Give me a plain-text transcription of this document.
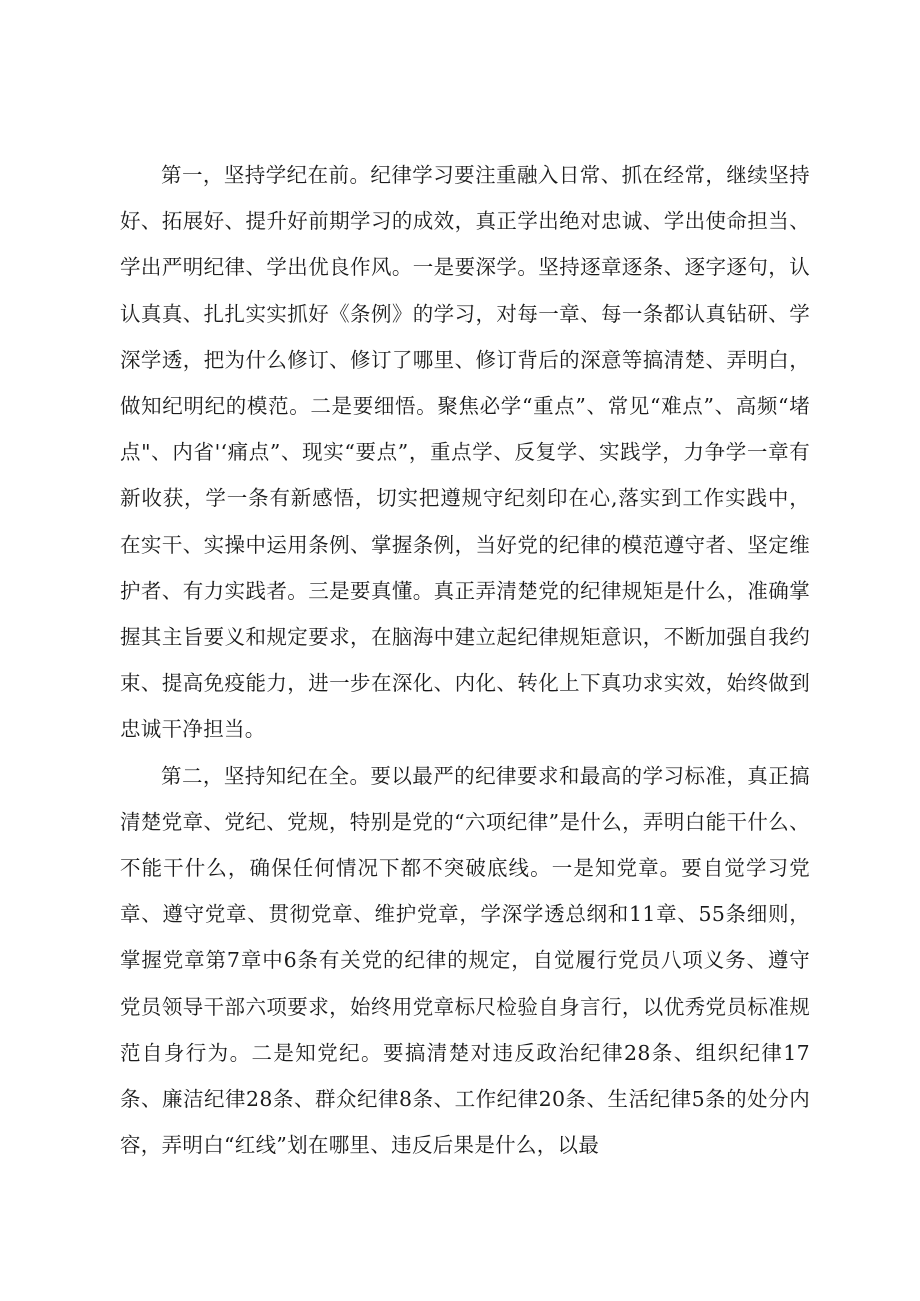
第一，坚持学纪在前。纪律学习要注重融入日常、抓在经常，继续坚持好、拓展好、提升好前期学习的成效，真正学出绝对忠诚、学出使命担当、学出严明纪律、学出优良作风。一是要深学。坚持逐章逐条、逐字逐句，认认真真、扎扎实实抓好《条例》的学习，对每一章、每一条都认真钻研、学深学透，把为什么修订、修订了哪里、修订背后的深意等搞清楚、弄明白，做知纪明纪的模范。二是要细悟。聚焦必学“重点”、常见“难点”、高频“堵点"、内省'‘痛点”、现实“要点”，重点学、反复学、实践学，力争学一章有新收获，学一条有新感悟，切实把遵规守纪刻印在心,落实到工作实践中，在实干、实操中运用条例、掌握条例，当好党的纪律的模范遵守者、坚定维护者、有力实践者。三是要真懂。真正弄清楚党的纪律规矩是什么，准确掌握其主旨要义和规定要求，在脑海中建立起纪律规矩意识，不断加强自我约束、提高免疫能力，进一步在深化、内化、转化上下真功求实效，始终做到忠诚干净担当。

第二，坚持知纪在全。要以最严的纪律要求和最高的学习标准，真正搞清楚党章、党纪、党规，特别是党的“六项纪律”是什么，弄明白能干什么、不能干什么，确保任何情况下都不突破底线。一是知党章。要自觉学习党章、遵守党章、贯彻党章、维护党章，学深学透总纲和11章、55条细则，掌握党章第7章中6条有关党的纪律的规定，自觉履行党员八项义务、遵守党员领导干部六项要求，始终用党章标尺检验自身言行，以优秀党员标准规范自身行为。二是知党纪。要搞清楚对违反政治纪律28条、组织纪律17条、廉洁纪律28条、群众纪律8条、工作纪律20条、生活纪律5条的处分内容，弄明白“红线”划在哪里、违反后果是什么，以最
